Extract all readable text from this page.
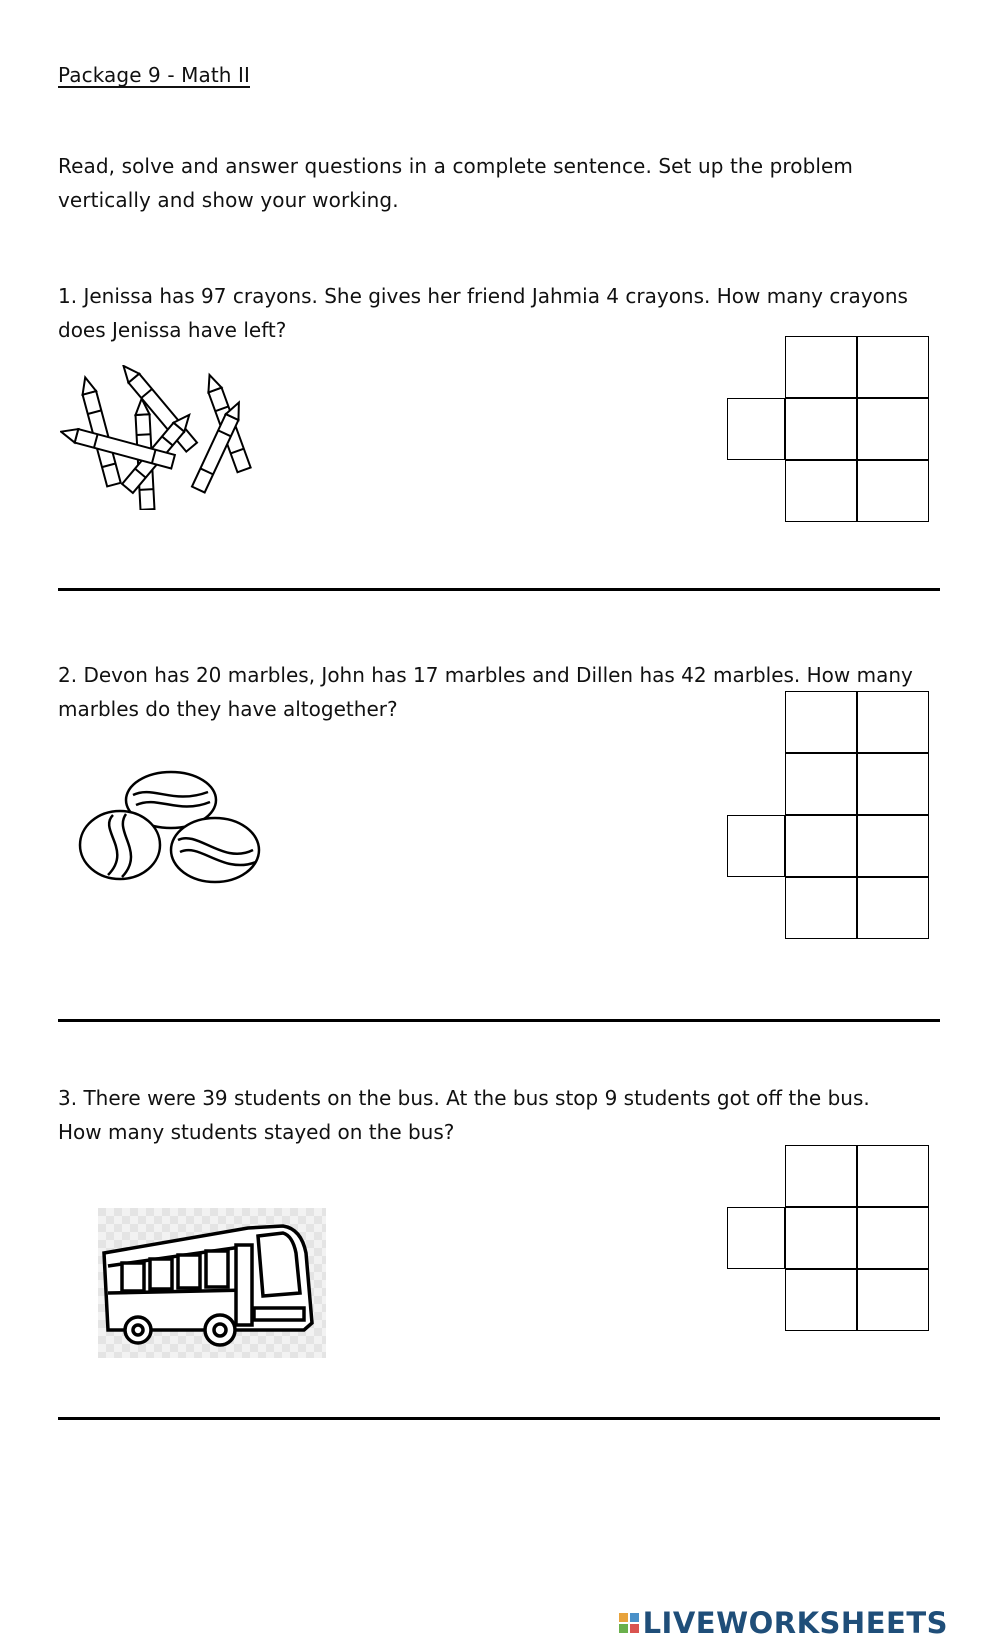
Package 9 - Math II
Read, solve and answer questions in a complete sentence. Set up the problem vertically and show your working.
1. Jenissa has 97 crayons. She gives her friend Jahmia 4 crayons. How many crayons does Jenissa have left?
2. Devon has 20 marbles, John has 17 marbles and Dillen has 42 marbles. How many marbles do they have altogether?
3. There were 39 students on the bus. At the bus stop 9 students got off the bus. How many students stayed on the bus?
LIVEWORKSHEETS
